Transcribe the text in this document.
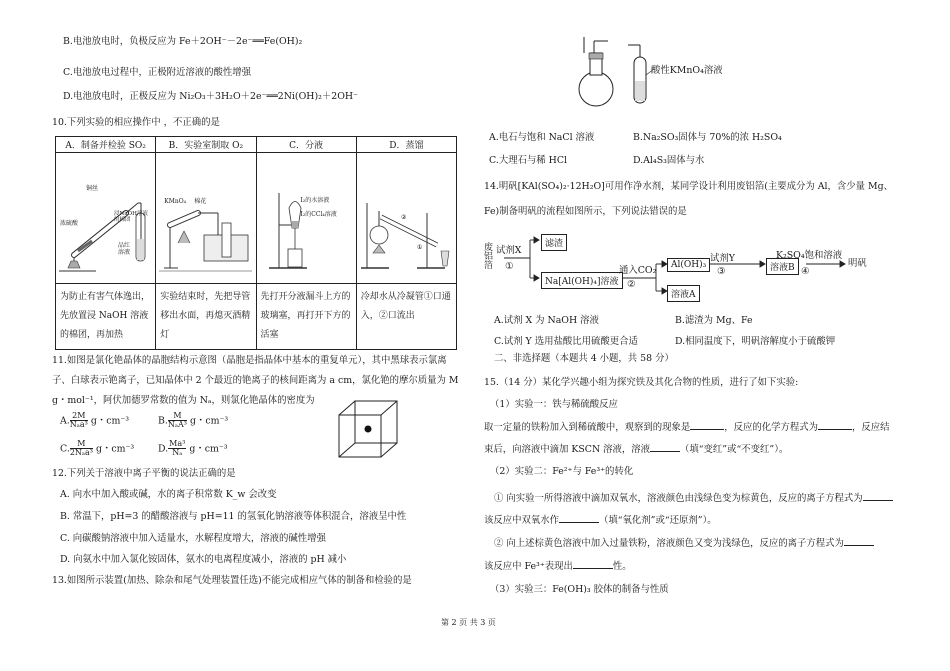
B.电池放电时，负极反应为 Fe＋2OH⁻－2e⁻══Fe(OH)₂
C.电池放电过程中，正极附近溶液的酸性增强
D.电池放电时，正极反应为 Ni₂O₃＋3H₂O＋2e⁻══2Ni(OH)₂＋2OH⁻
10.下列实验的相应操作中 ，不正确的是
A．制备并检验 SO₂	B．实验室制取 O₂	C．分液	D．蒸馏

铜丝
浸NaOH溶液的棉团
浓硫酸
品红溶液	KMnO₄ 棉花	I₂的水溶液
I₂的CCl₄溶液	②
①

为防止有害气体逸出，先放置浸 NaOH 溶液的棉团，再加热	实验结束时，先把导管移出水面，再熄灭酒精灯	先打开分液漏斗上方的玻璃塞，再打开下方的活塞	冷却水从冷凝管①口通入，②口流出
11.如图是氯化铯晶体的晶胞结构示意图（晶胞是指晶体中基本的重复单元），其中黑球表示氯离
子、白球表示铯离子，已知晶体中 2 个最近的铯离子的核间距离为 a cm，氯化铯的摩尔质量为 M
g・mol⁻¹，阿伏加德罗常数的值为 Nₐ，则氯化铯晶体的密度为
A. $\frac{2M}{\text{Nₐa³}}$ g・cm⁻³	B. $\frac{M}{\text{NₐA³}}$ g・cm⁻³
C. $\frac{M}{\text{2Nₐa³}}$ g・cm⁻³	D. $\frac{\text{Ma³}}{\text{Nₐ}}$ g・cm⁻³
12.下列关于溶液中离子平衡的说法正确的是
A. 向水中加入酸或碱，水的离子积常数 K_w 会改变
B. 常温下，pH=3 的醋酸溶液与 pH=11 的氢氧化钠溶液等体积混合，溶液呈中性
C. 向碳酸钠溶液中加入适量水，水解程度增大，溶液的碱性增强
D. 向氨水中加入氯化铵固体，氨水的电离程度减小，溶液的 pH 减小
13.如图所示装置(加热、除杂和尾气处理装置任选)不能完成相应气体的制备和检验的是
酸性KMnO₄溶液
A.电石与饱和 NaCl 溶液	B.Na₂SO₃固体与 70%的浓 H₂SO₄
C.大理石与稀 HCl	D.Al₄S₃固体与水
14.明矾[KAl(SO₄)₂·12H₂O]可用作净水剂，某同学设计利用废铝箔(主要成分为 Al，含少量 Mg、
Fe)制备明矾的流程如图所示，下列说法错误的是
废铝箔
试剂X
①
滤渣
Na[Al(OH)₄]溶液
通入CO₂
②
Al(OH)₃
溶液A
试剂Y
③	溶液B
K₂SO₄饱和溶液
④
明矾
A.试剂 X 为 NaOH 溶液	B.滤渣为 Mg、Fe
C.试剂 Y 选用盐酸比用硫酸更合适	D.相同温度下，明矾溶解度小于硫酸钾
二、非选择题（本题共 4 小题，共 58 分）
15.（14 分）某化学兴趣小组为探究铁及其化合物的性质，进行了如下实验:
（1）实验一：铁与稀硫酸反应
取一定量的铁粉加入到稀硫酸中，观察到的现象是	，反应的化学方程式为	，反应结
束后，向溶液中滴加 KSCN 溶液，溶液	（填“变红”或“不变红”）。
（2）实验二：Fe²⁺与 Fe³⁺的转化
① 向实验一所得溶液中滴加双氧水，溶液颜色由浅绿色变为棕黄色，反应的离子方程式为
该反应中双氧水作	（填“氧化剂”或“还原剂”）。
② 向上述棕黄色溶液中加入过量铁粉，溶液颜色又变为浅绿色，反应的离子方程式为
该反应中 Fe³⁺表现出	性。
（3）实验三：Fe(OH)₃ 胶体的制备与性质
第 2 页 共 3 页
